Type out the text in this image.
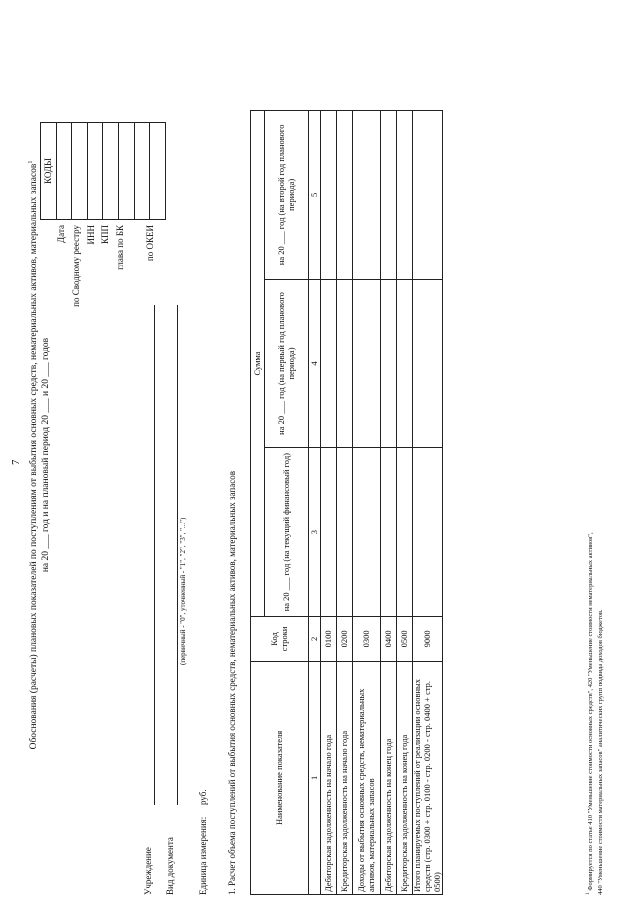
7 Обоснования (расчеты) плановых показателей по поступлениям от выбытия основных средств, нематериальных активов, материальных запасов$^1$
на 20 ___ год и на плановый период 20 ___ и 20 ___ годов
КОДЫ

Дата по Сводному реестру ИНН КПП глава по БК по ОКЕИ
Учреждение Вид документа
(первичный - "0", уточненный - "1", "2", "3", "...")
Единица измерения:
руб. 1. Расчет объема поступлений от выбытия основных средств, нематериальных активов, материальных запасов	Наименование показателя	Код строки	Сумма		
		на 20 ___ год (на текущий финансовый год)	на 20 ___ год (на первый год планового периода)	на 20 ___ год (на второй год планового периода)
1	2	3	4	5
Дебиторская задолженность на начало года	0100			
Кредиторская задолженность на начало года	0200			
Доходы от выбытия основных средств, нематериальных активов, материальных запасов	0300			
Дебиторская задолженность на конец года	0400			
Кредиторская задолженность на конец года	0500			
Итого планируемых поступлений от реализации основных средств (стр. 0300 + стр. 0100 - стр. 0200 - стр. 0400 + стр. 0500)	9000			
$^1$ Формируется по статье 410 "Уменьшение стоимости основных средств", 420 "Уменьшение стоимости нематериальных активов", 440 "Уменьшение стоимости материальных запасов" аналитических групп подвида доходов бюджетов.
